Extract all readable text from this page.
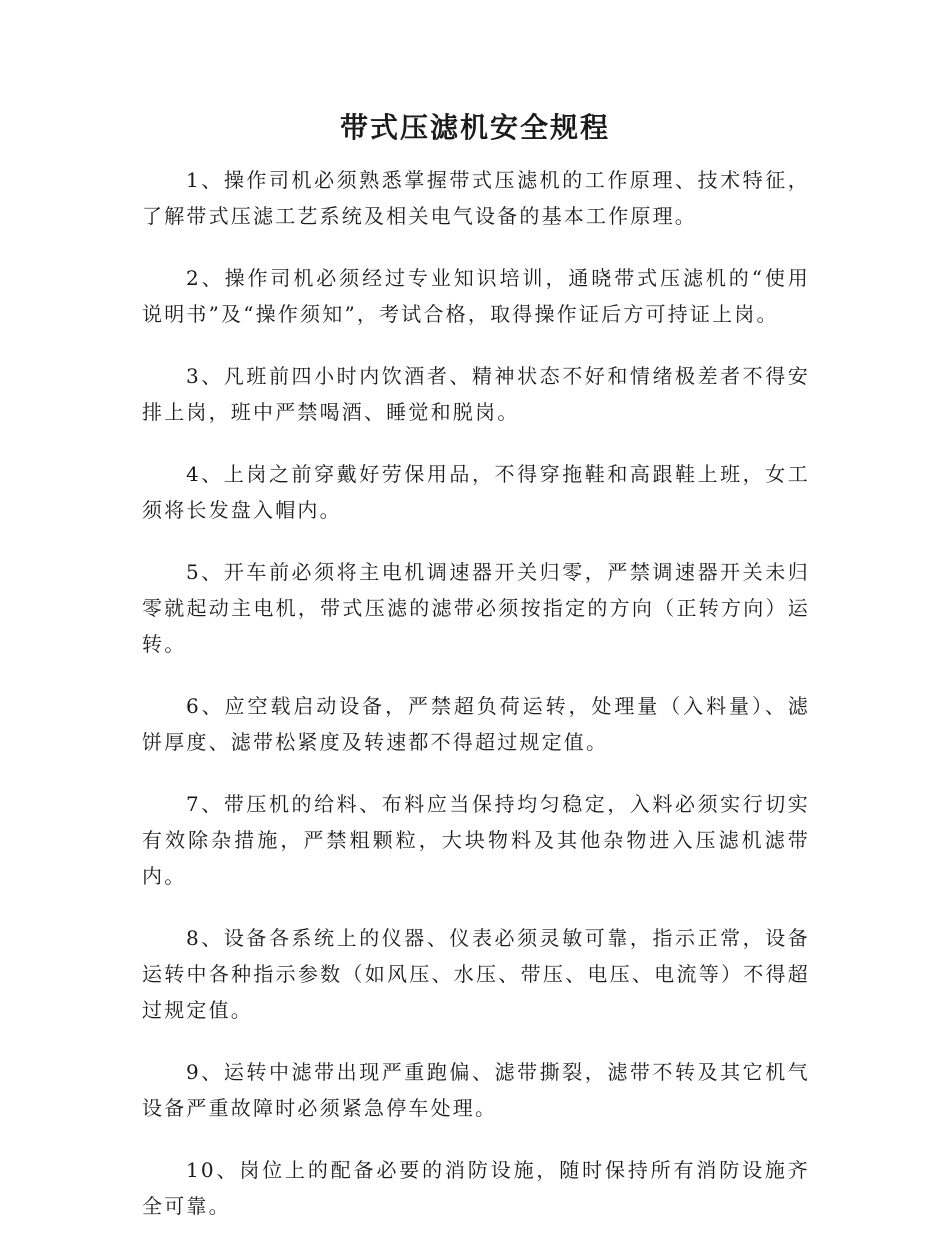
带式压滤机安全规程

1、操作司机必须熟悉掌握带式压滤机的工作原理、技术特征，了解带式压滤工艺系统及相关电气设备的基本工作原理。

2、操作司机必须经过专业知识培训，通晓带式压滤机的“使用说明书”及“操作须知”，考试合格，取得操作证后方可持证上岗。

3、凡班前四小时内饮酒者、精神状态不好和情绪极差者不得安排上岗，班中严禁喝酒、睡觉和脱岗。

4、上岗之前穿戴好劳保用品，不得穿拖鞋和高跟鞋上班，女工须将长发盘入帽内。

5、开车前必须将主电机调速器开关归零，严禁调速器开关未归零就起动主电机，带式压滤的滤带必须按指定的方向（正转方向）运转。

6、应空载启动设备，严禁超负荷运转，处理量（入料量）、滤饼厚度、滤带松紧度及转速都不得超过规定值。

7、带压机的给料、布料应当保持均匀稳定，入料必须实行切实有效除杂措施，严禁粗颗粒，大块物料及其他杂物进入压滤机滤带内。

8、设备各系统上的仪器、仪表必须灵敏可靠，指示正常，设备运转中各种指示参数（如风压、水压、带压、电压、电流等）不得超过规定值。

9、运转中滤带出现严重跑偏、滤带撕裂，滤带不转及其它机气设备严重故障时必须紧急停车处理。

10、岗位上的配备必要的消防设施，随时保持所有消防设施齐全可靠。
